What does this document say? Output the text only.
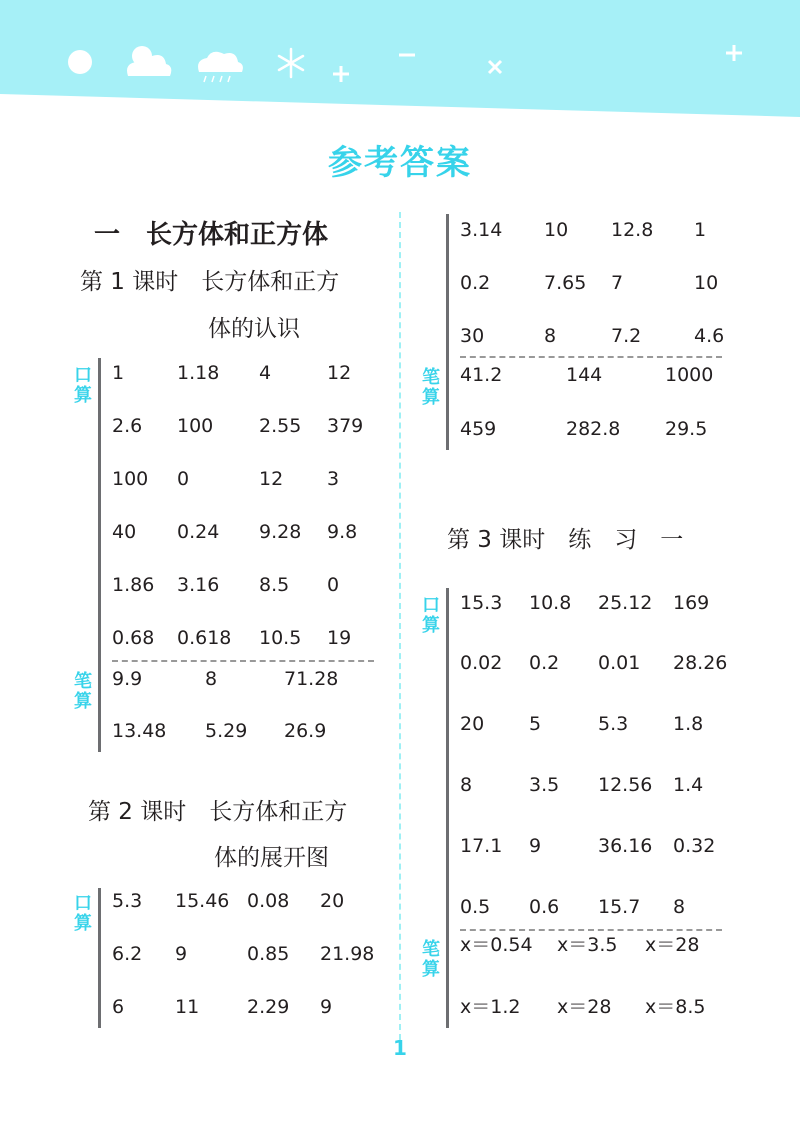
参考答案
一　长方体和正方体
第 1 课时　长方体和正方
体的认识
口算
笔算
1	1.18 4	12
2.6 100 2.55 379
100 0	12 3
40 0.24 9.28 9.8
1.86 3.16 8.5 0
0.68 0.618 10.5 19
9.9	8	71.28
13.48 5.29 26.9
第 2 课时　长方体和正方
体的展开图
口算
5.3 15.46 0.08 20
6.2 9	0.85 21.98
6	11	2.29 9
笔算
3.14 10 12.8 1
0.2	7.65 7	10
30	8	7.2	4.6
41.2	144	1000
459	282.8 29.5
第 3 课时　练　习　一
口算
笔算
15.3 10.8 25.12 169
0.02 0.2 0.01 28.26
20 5	5.3 1.8
8	3.5 12.56 1.4
17.1 9	36.16 0.32
0.5 0.6 15.7 8
x＝0.54 x＝3.5 x＝28
x＝1.2 x＝28 x＝8.5
1
